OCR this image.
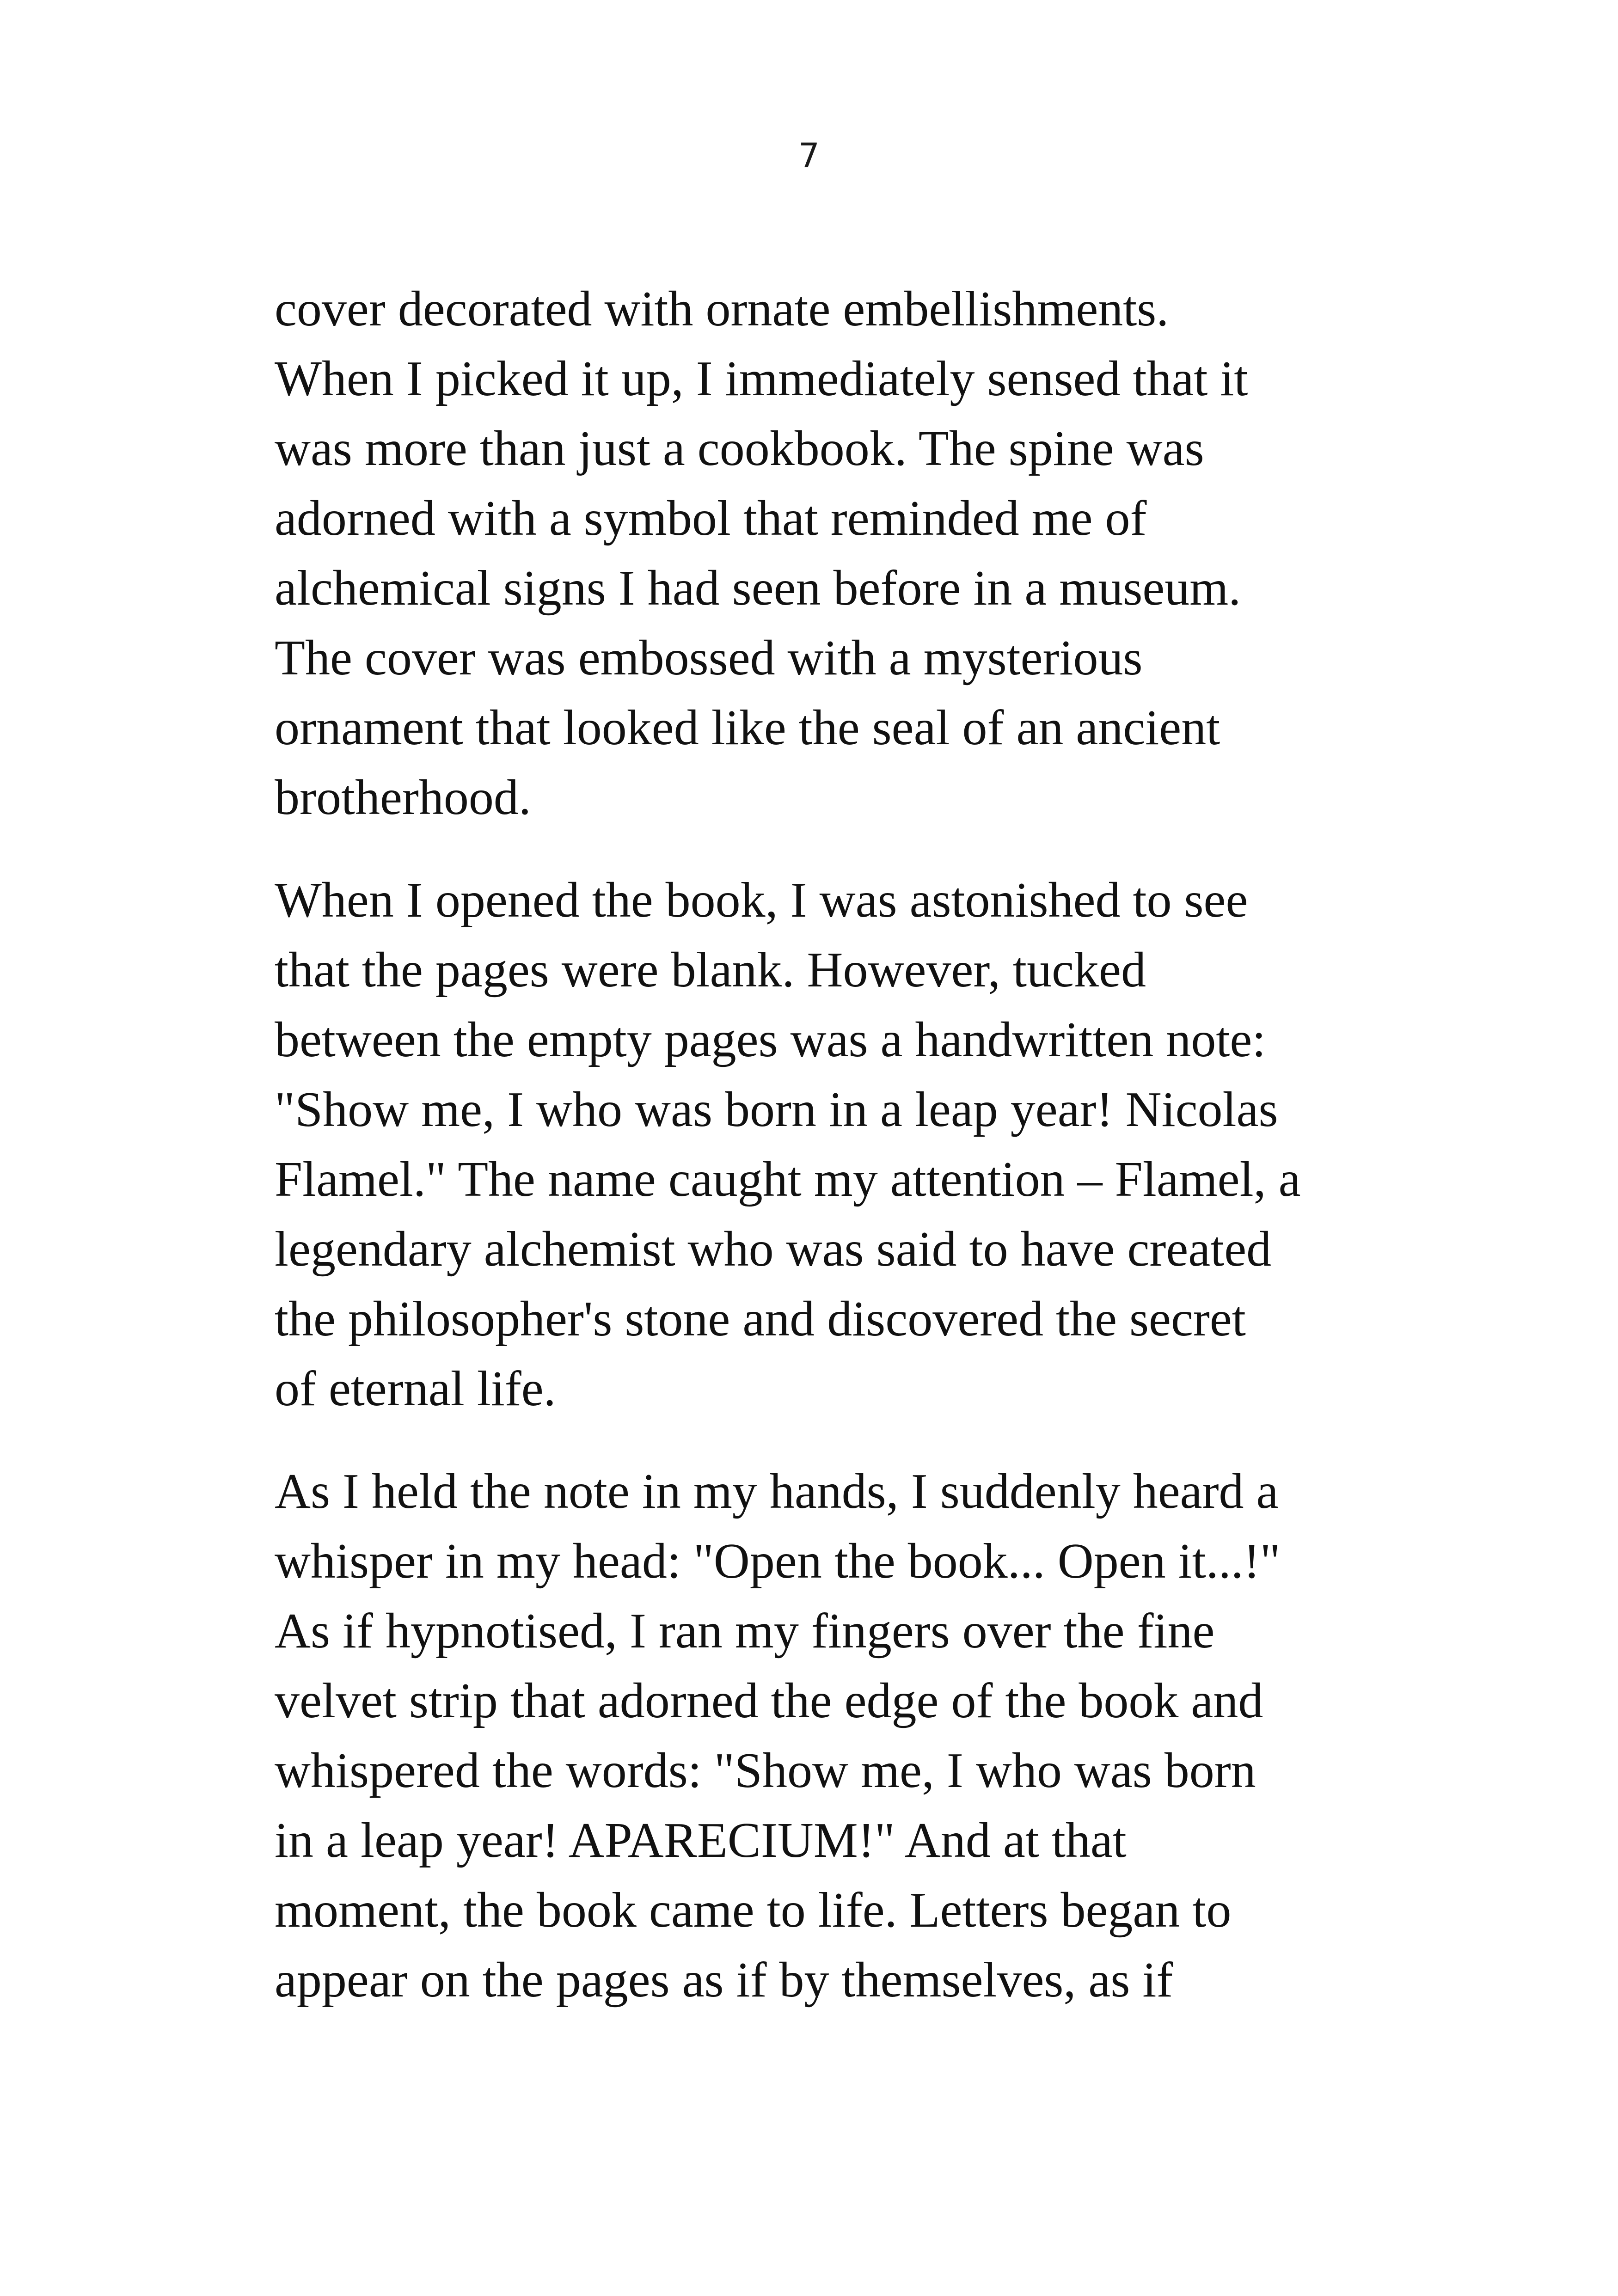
7
cover decorated with ornate embellishments.
When I picked it up, I immediately sensed that it
was more than just a cookbook. The spine was
adorned with a symbol that reminded me of
alchemical signs I had seen before in a museum.
The cover was embossed with a mysterious
ornament that looked like the seal of an ancient
brotherhood.
When I opened the book, I was astonished to see
that the pages were blank. However, tucked
between the empty pages was a handwritten note:
"Show me, I who was born in a leap year! Nicolas
Flamel." The name caught my attention – Flamel, a
legendary alchemist who was said to have created
the philosopher's stone and discovered the secret
of eternal life.
As I held the note in my hands, I suddenly heard a
whisper in my head: "Open the book... Open it...!"
As if hypnotised, I ran my fingers over the fine
velvet strip that adorned the edge of the book and
whispered the words: "Show me, I who was born
in a leap year! APARECIUM!" And at that
moment, the book came to life. Letters began to
appear on the pages as if by themselves, as if
